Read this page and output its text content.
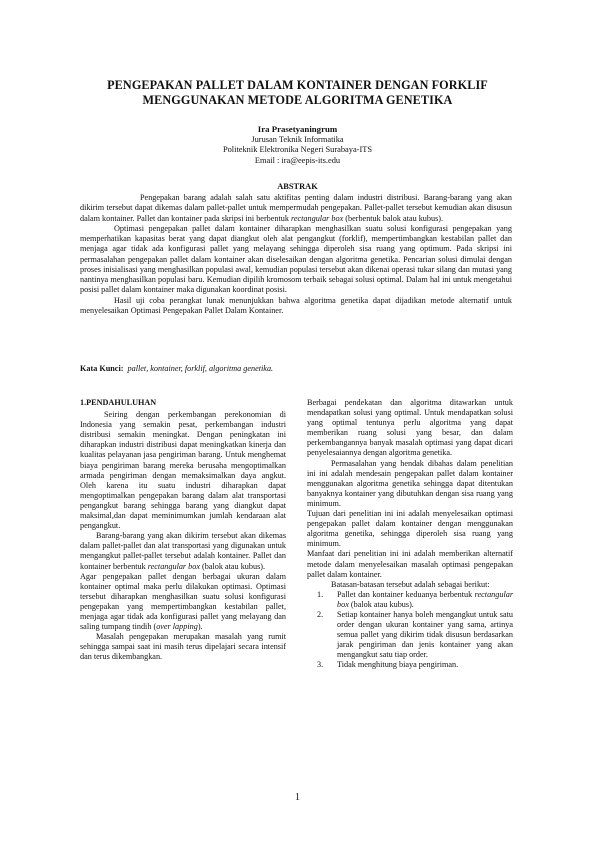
PENGEPAKAN PALLET DALAM KONTAINER DENGAN FORKLIF
MENGGUNAKAN METODE ALGORITMA GENETIKA
Ira Prasetyaningrum
Jurusan Teknik Informatika
Politeknik Elektronika Negeri Surabaya-ITS
Email : ira@eepis-its.edu
ABSTRAK

Pengepakan barang adalah salah satu aktifitas penting dalam industri distribusi. Barang-barang yang akan dikirim tersebut dapat dikemas dalam pallet-pallet untuk mempermudah pengepakan. Pallet-pallet tersebut kemudian akan disusun dalam kontainer. Pallet dan kontainer pada skripsi ini berbentuk rectangular box (berbentuk balok atau kubus).

Optimasi pengepakan pallet dalam kontainer diharapkan menghasilkan suatu solusi konfigurasi pengepakan yang memperhatikan kapasitas berat yang dapat diangkut oleh alat pengangkut (forklif), mempertimbangkan kestabilan pallet dan menjaga agar tidak ada konfigurasi pallet yang melayang sehingga diperoleh sisa ruang yang optimum. Pada skripsi ini permasalahan pengepakan pallet dalam kontainer akan diselesaikan dengan algoritma genetika. Pencarian solusi dimulai dengan proses inisialisasi yang menghasilkan populasi awal, kemudian populasi tersebut akan dikenai operasi tukar silang dan mutasi yang nantinya menghasilkan populasi baru. Kemudian dipilih kromosom terbaik sebagai solusi optimal. Dalam hal ini untuk mengetahui posisi pallet dalam kontainer maka digunakan koordinat posisi.

Hasil uji coba perangkat lunak menunjukkan bahwa algoritma genetika dapat dijadikan metode alternatif untuk menyelesaikan Optimasi Pengepakan Pallet Dalam Kontainer.

Kata Kunci: pallet, kontainer, forklif, algoritma genetika.
1.PENDAHULUHAN

Seiring dengan perkembangan perekonomian di Indonesia yang semakin pesat, perkembangan industri distribusi semakin meningkat. Dengan peningkatan ini diharapkan industri distribusi dapat meningkatkan kinerja dan kualitas pelayanan jasa pengiriman barang. Untuk menghemat biaya pengiriman barang mereka berusaha mengoptimalkan armada pengiriman dengan memaksimalkan daya angkut. Oleh karena itu suatu industri diharapkan dapat mengoptimalkan pengepakan barang dalam alat transportasi pengangkut barang sehingga barang yang diangkut dapat maksimal,dan dapat meminimumkan jumlah kendaraan alat pengangkut.

Barang-barang yang akan dikirim tersebut akan dikemas dalam pallet-pallet dan alat transportasi yang digunakan untuk mengangkut pallet-pallet tersebut adalah kontainer. Pallet dan kontainer berbentuk rectangular box (balok atau kubus).

Agar pengepakan pallet dengan berbagai ukuran dalam kontainer optimal maka perlu dilakukan optimasi. Optimasi tersebut diharapkan menghasilkan suatu solusi konfigurasi pengepakan yang mempertimbangkan kestabilan pallet, menjaga agar tidak ada konfigurasi pallet yang melayang dan saling tumpang tindih (over lapping).

Masalah pengepakan merupakan masalah yang rumit sehingga sampai saat ini masih terus dipelajari secara intensif dan terus dikembangkan.

Berbagai pendekatan dan algoritma ditawarkan untuk mendapatkan solusi yang optimal. Untuk mendapatkan solusi yang optimal tentunya perlu algoritma yang dapat memberikan ruang solusi yang besar, dan dalam perkembangannya banyak masalah optimasi yang dapat dicari penyelesaiannya dengan algoritma genetika.

Permasalahan yang hendak dibahas dalam penelitian ini ini adalah mendesain pengepakan pallet dalam kontainer menggunakan algoritma genetika sehingga dapat ditentukan banyaknya kontainer yang dibutuhkan dengan sisa ruang yang minimum.

Tujuan dari penelitian ini ini adalah menyelesaikan optimasi pengepakan pallet dalam kontainer dengan menggunakan algoritma genetika, sehingga diperoleh sisa ruang yang minimum.

Manfaat dari penelitian ini ini adalah memberikan alternatif metode dalam menyelesaikan masalah optimasi pengepakan pallet dalam kontainer.

Batasan-batasan tersebut adalah sebagai berikut:

1. Pallet dan kontainer keduanya berbentuk rectangular box (balok atau kubus).
2. Setiap kontainer hanya boleh mengangkut untuk satu order dengan ukuran kontainer yang sama, artinya semua pallet yang dikirim tidak disusun berdasarkan jarak pengiriman dan jenis kontainer yang akan mengangkut satu tiap order.
3. Tidak menghitung biaya pengiriman.
1
